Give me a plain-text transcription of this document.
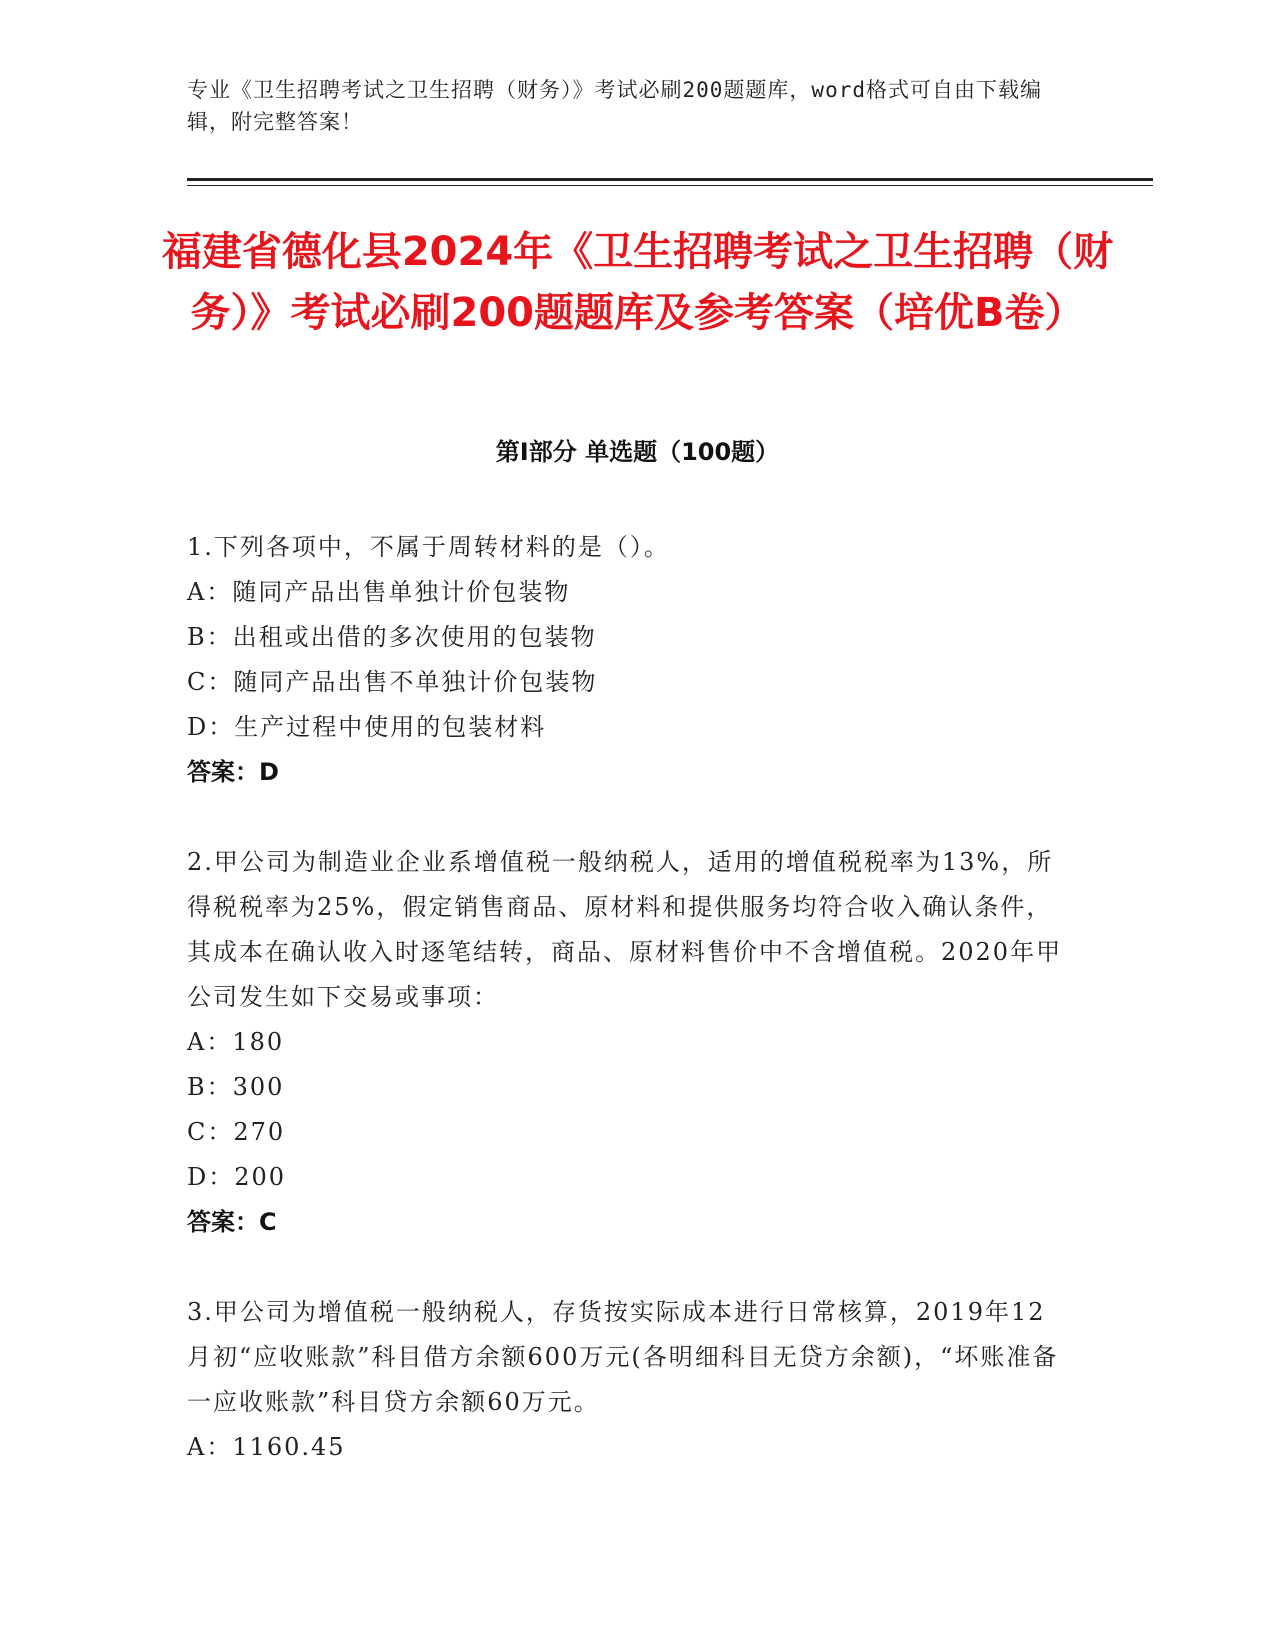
专业《卫生招聘考试之卫生招聘（财务）》考试必刷200题题库，word格式可自由下载编辑，附完整答案！
福建省德化县2024年《卫生招聘考试之卫生招聘（财务）》考试必刷200题题库及参考答案（培优B卷）
第Ⅰ部分 单选题（100题）

1.下列各项中，不属于周转材料的是（）。

A：随同产品出售单独计价包装物

B：出租或出借的多次使用的包装物

C：随同产品出售不单独计价包装物

D：生产过程中使用的包装材料

答案：D

2.甲公司为制造业企业系增值税一般纳税人，适用的增值税税率为13%，所得税税率为25%，假定销售商品、原材料和提供服务均符合收入确认条件，其成本在确认收入时逐笔结转，商品、原材料售价中不含增值税。2020年甲公司发生如下交易或事项：

A：180

B：300

C：270

D：200

答案：C

3.甲公司为增值税一般纳税人，存货按实际成本进行日常核算，2019年12月初“应收账款”科目借方余额600万元(各明细科目无贷方余额)，“坏账准备一应收账款”科目贷方余额60万元。

A：1160.45
